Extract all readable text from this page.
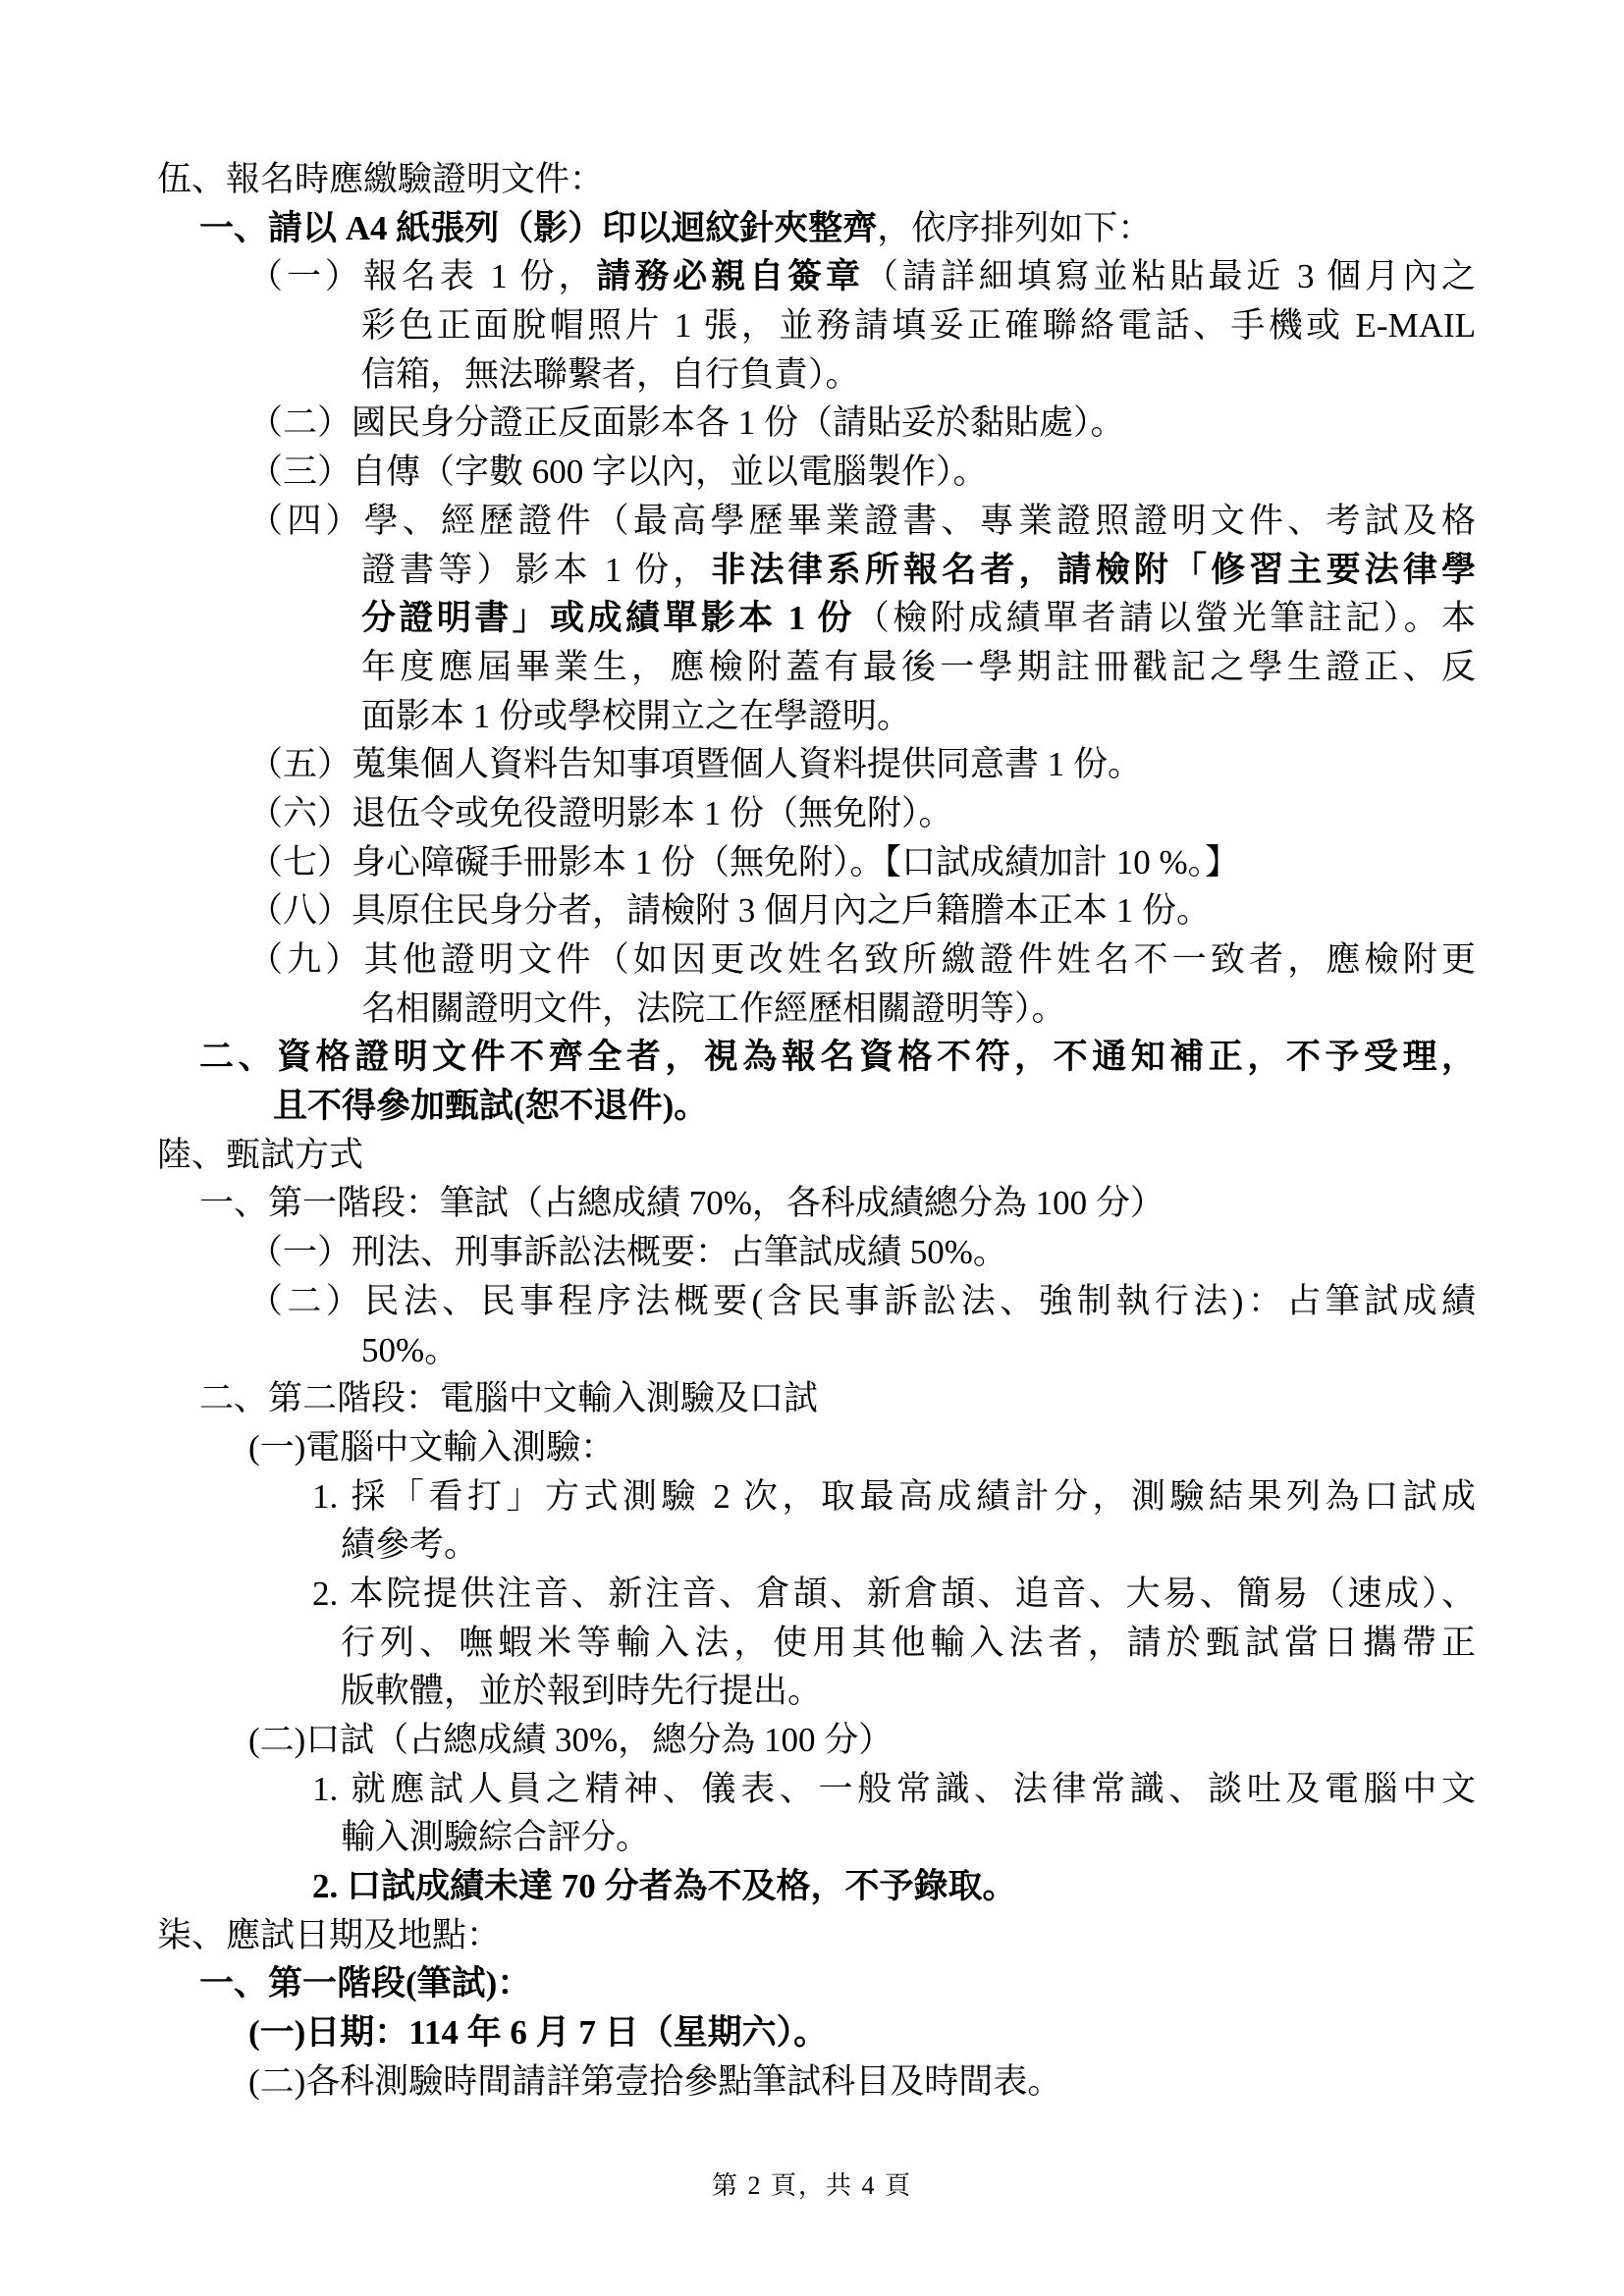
伍、報名時應繳驗證明文件：
一、請以 A4 紙張列（影）印以迴紋針夾整齊，依序排列如下：
（一）報名表 1 份，請務必親自簽章（請詳細填寫並粘貼最近 3 個月內之
彩色正面脫帽照片 1 張，並務請填妥正確聯絡電話、手機或 E-MAIL
信箱，無法聯繫者，自行負責）。
（二）國民身分證正反面影本各 1 份（請貼妥於黏貼處）。
（三）自傳（字數 600 字以內，並以電腦製作）。
（四）學、經歷證件（最高學歷畢業證書、專業證照證明文件、考試及格
證書等）影本 1 份，非法律系所報名者，請檢附「修習主要法律學
分證明書」或成績單影本 1 份（檢附成績單者請以螢光筆註記）。本
年度應屆畢業生，應檢附蓋有最後一學期註冊戳記之學生證正、反
面影本 1 份或學校開立之在學證明。
（五）蒐集個人資料告知事項暨個人資料提供同意書 1 份。
（六）退伍令或免役證明影本 1 份（無免附）。
（七）身心障礙手冊影本 1 份（無免附）。【口試成績加計 10 %。】
（八）具原住民身分者，請檢附 3 個月內之戶籍謄本正本 1 份。
（九）其他證明文件（如因更改姓名致所繳證件姓名不一致者，應檢附更
名相關證明文件，法院工作經歷相關證明等）。
二、資格證明文件不齊全者，視為報名資格不符，不通知補正，不予受理，
且不得參加甄試(恕不退件)。
陸、甄試方式
一、第一階段：筆試（占總成績 70%，各科成績總分為 100 分）
（一）刑法、刑事訴訟法概要：占筆試成績 50%。
（二）民法、民事程序法概要(含民事訴訟法、強制執行法)：占筆試成績
50%。
二、第二階段：電腦中文輸入測驗及口試
(一)電腦中文輸入測驗：
1. 採「看打」方式測驗 2 次，取最高成績計分，測驗結果列為口試成
績參考。
2. 本院提供注音、新注音、倉頡、新倉頡、追音、大易、簡易（速成）、
行列、嘸蝦米等輸入法，使用其他輸入法者，請於甄試當日攜帶正
版軟體，並於報到時先行提出。
(二)口試（占總成績 30%，總分為 100 分）
1. 就應試人員之精神、儀表、一般常識、法律常識、談吐及電腦中文
輸入測驗綜合評分。
2. 口試成績未達 70 分者為不及格，不予錄取。
柒、應試日期及地點：
一、第一階段(筆試)：
(一)日期：114 年 6 月 7 日（星期六）。
(二)各科測驗時間請詳第壹拾參點筆試科目及時間表。
第 2 頁，共 4 頁
